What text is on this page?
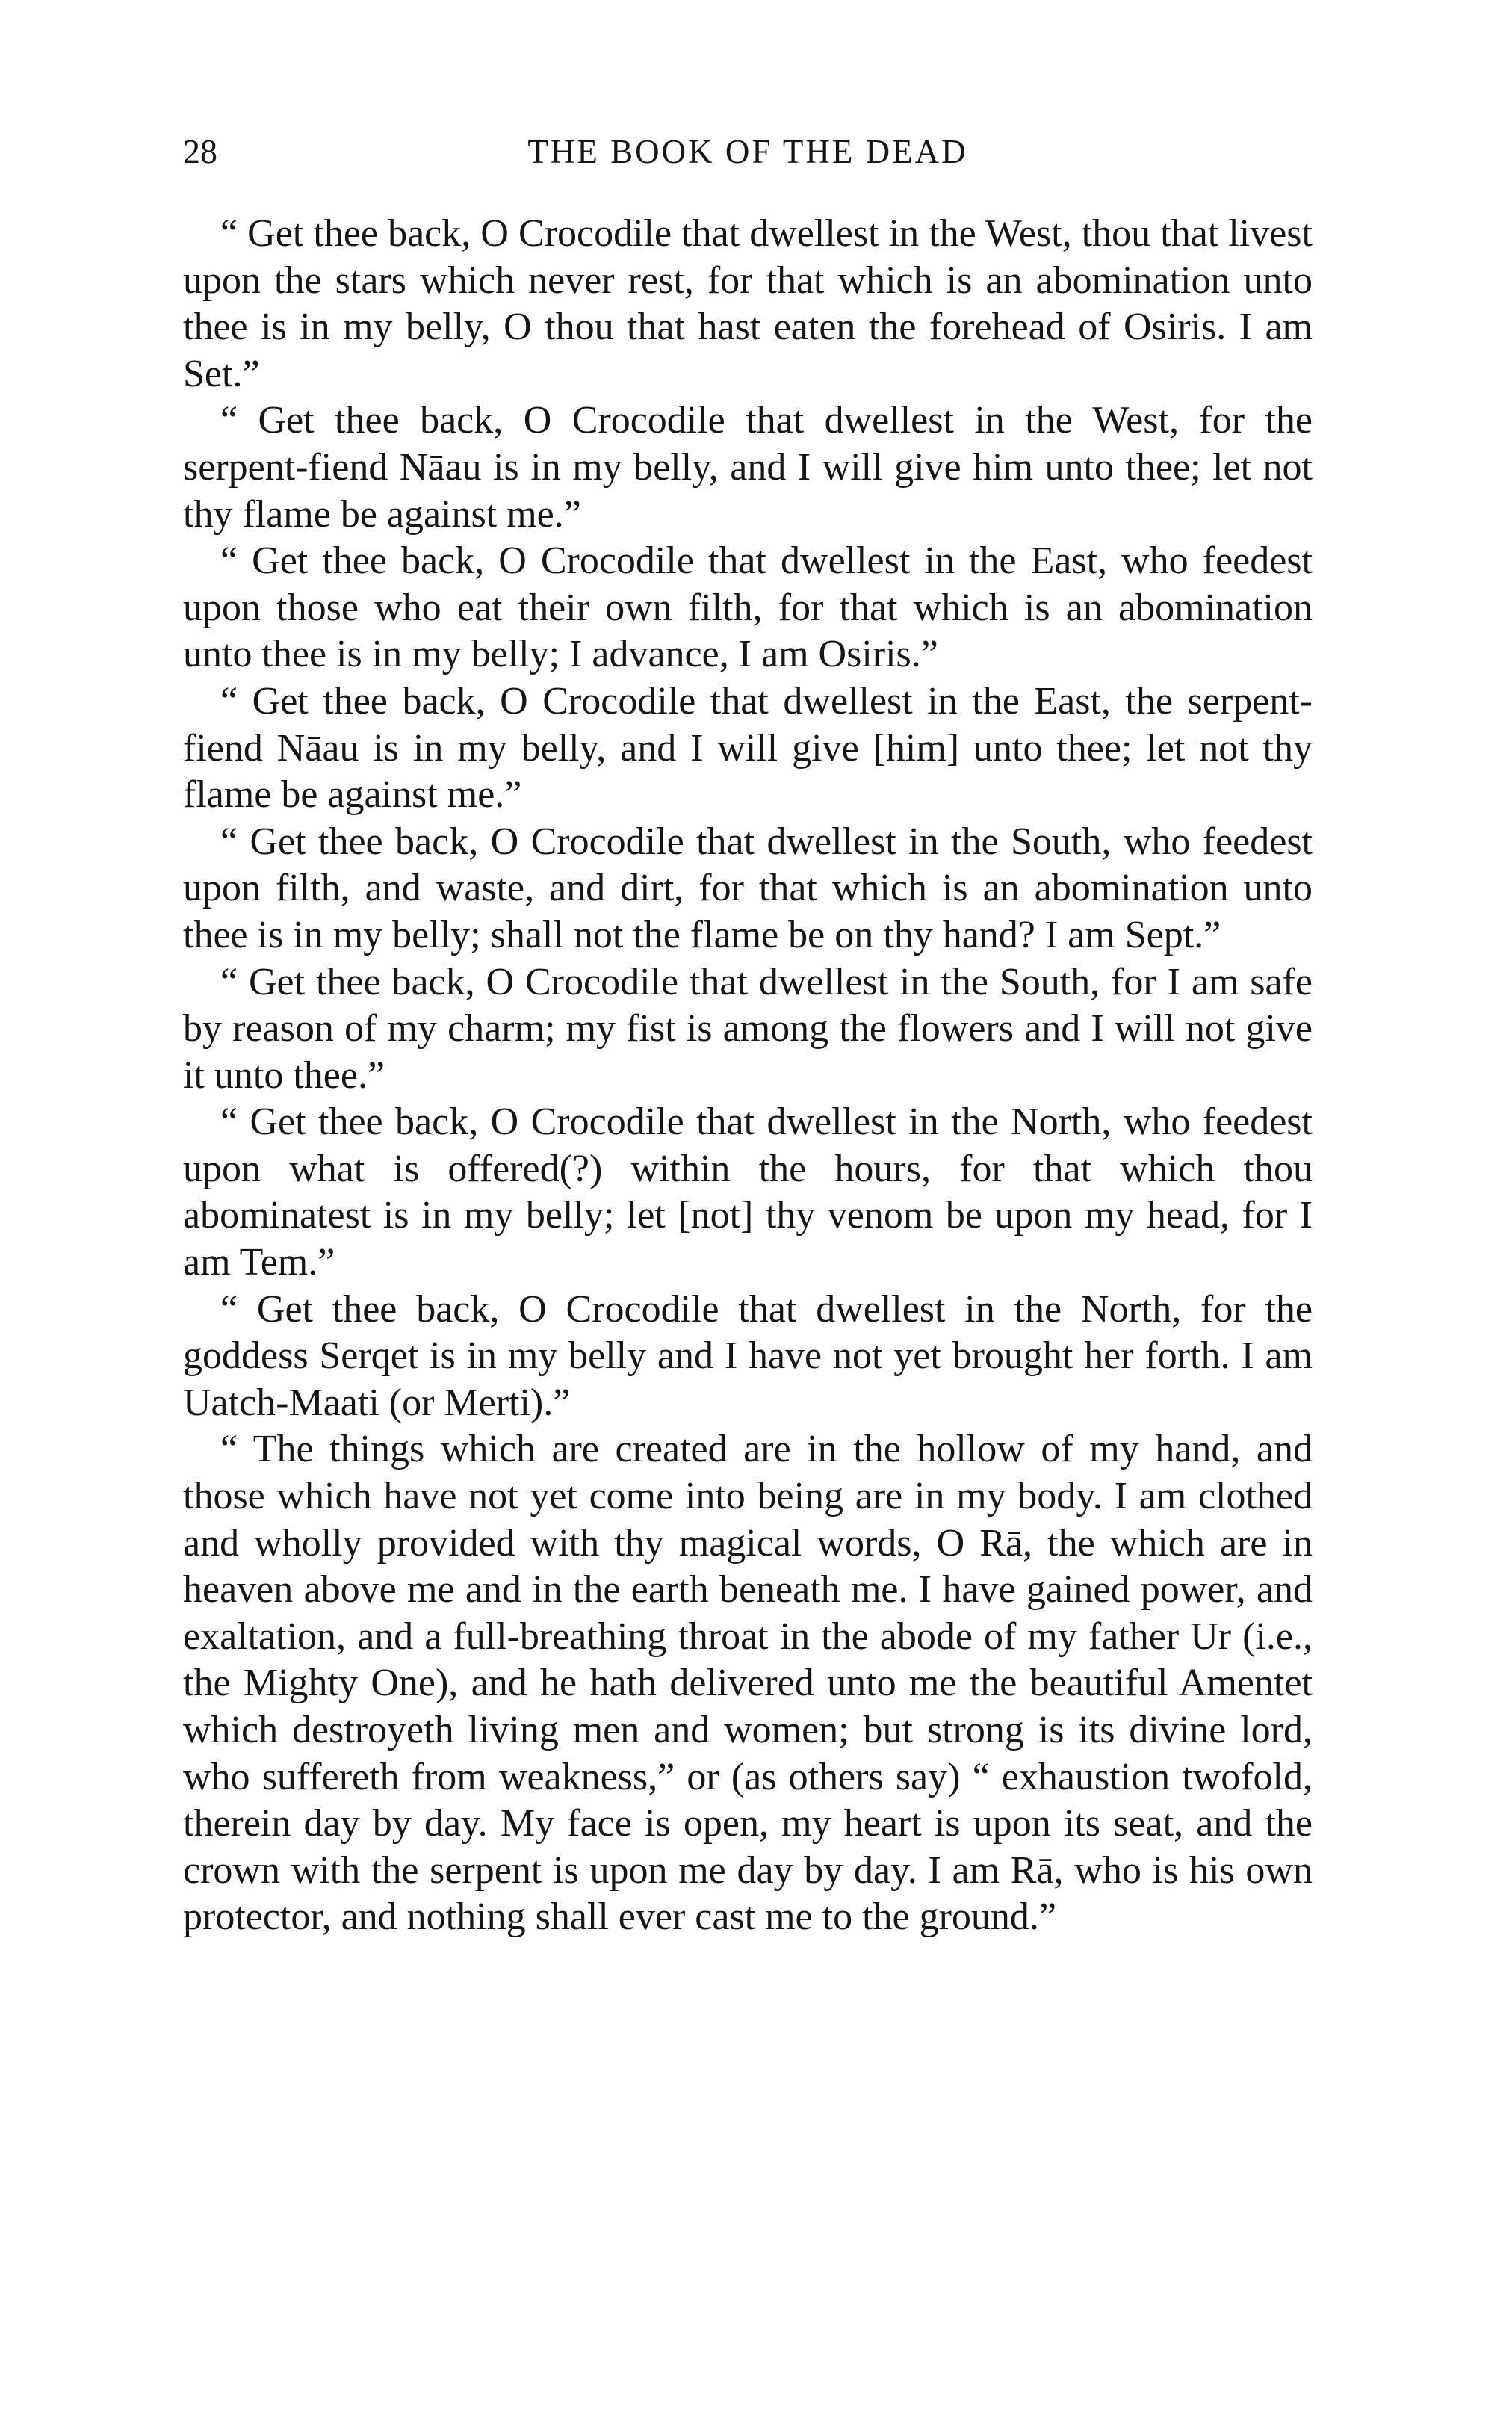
28	THE BOOK OF THE DEAD

“ Get thee back, O Crocodile that dwellest in the West, thou that livest upon the stars which never rest, for that which is an abomination unto thee is in my belly, O thou that hast eaten the forehead of Osiris. I am Set.”

“ Get thee back, O Crocodile that dwellest in the West, for the serpent-fiend Nāau is in my belly, and I will give him unto thee; let not thy flame be against me.”

“ Get thee back, O Crocodile that dwellest in the East, who feedest upon those who eat their own filth, for that which is an abomination unto thee is in my belly; I advance, I am Osiris.”

“ Get thee back, O Crocodile that dwellest in the East, the serpent-fiend Nāau is in my belly, and I will give [him] unto thee; let not thy flame be against me.”

“ Get thee back, O Crocodile that dwellest in the South, who feedest upon filth, and waste, and dirt, for that which is an abomination unto thee is in my belly; shall not the flame be on thy hand? I am Sept.”

“ Get thee back, O Crocodile that dwellest in the South, for I am safe by reason of my charm; my fist is among the flowers and I will not give it unto thee.”

“ Get thee back, O Crocodile that dwellest in the North, who feedest upon what is offered(?) within the hours, for that which thou abominatest is in my belly; let [not] thy venom be upon my head, for I am Tem.”

“ Get thee back, O Crocodile that dwellest in the North, for the goddess Serqet is in my belly and I have not yet brought her forth. I am Uatch-Maati (or Merti).”

“ The things which are created are in the hollow of my hand, and those which have not yet come into being are in my body. I am clothed and wholly provided with thy magical words, O Rā, the which are in heaven above me and in the earth beneath me. I have gained power, and exaltation, and a full-breathing throat in the abode of my father Ur (i.e., the Mighty One), and he hath delivered unto me the beautiful Amentet which destroyeth living men and women; but strong is its divine lord, who suffereth from weakness,” or (as others say) “ exhaustion twofold, therein day by day. My face is open, my heart is upon its seat, and the crown with the serpent is upon me day by day. I am Rā, who is his own protector, and nothing shall ever cast me to the ground.”
